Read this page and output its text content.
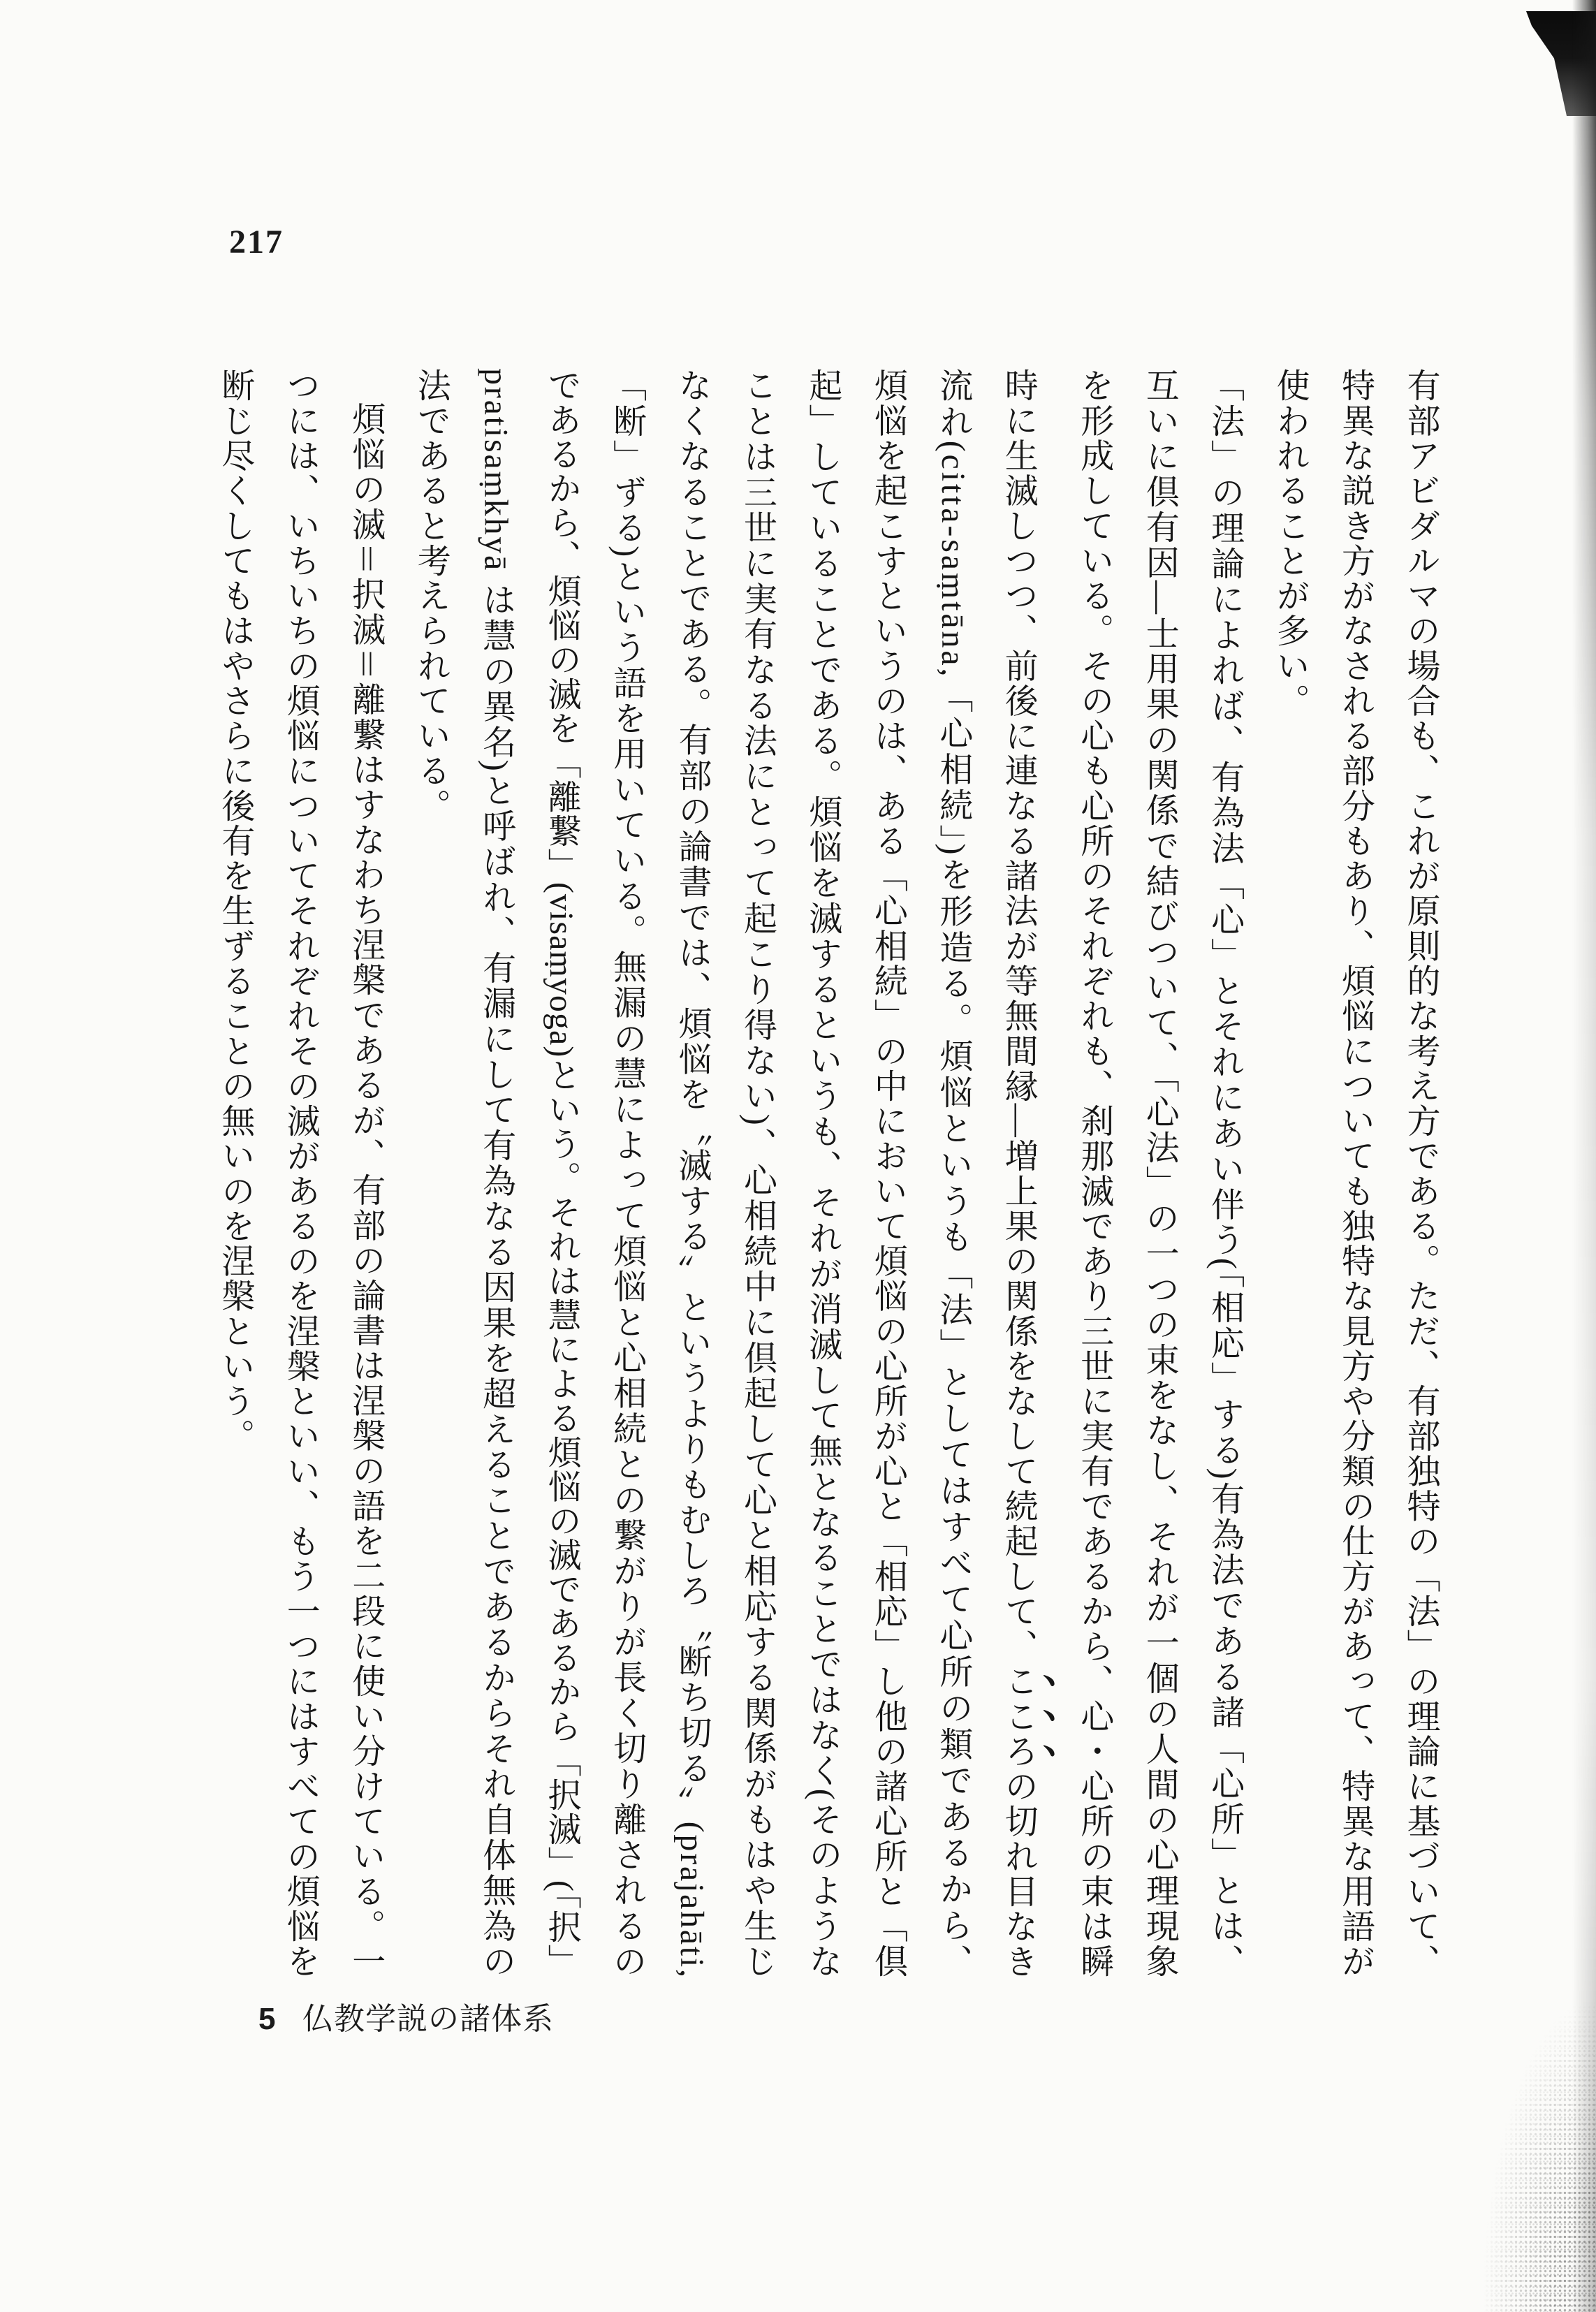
217
有部アビダルマの場合も、これが原則的な考え方である。ただ、有部独特の「法」の理論に基づいて、
特異な説き方がなされる部分もあり、煩悩についても独特な見方や分類の仕方があって、特異な用語が
使われることが多い。
「法」の理論によれば、有為法「心」とそれにあい伴う(「相応」する)有為法である諸「心所」とは、
互いに倶有因―士用果の関係で結びついて、「心法」の一つの束をなし、それが一個の人間の心理現象
を形成している。その心も心所のそれぞれも、刹那滅であり三世に実有であるから、心・心所の束は瞬
時に生滅しつつ、前後に連なる諸法が等無間縁―増上果の関係をなして続起して、こころの切れ目なき
流れ(citta-saṃtāna,「心相続」)を形造る。煩悩というも「法」としてはすべて心所の類であるから、
煩悩を起こすというのは、ある「心相続」の中において煩悩の心所が心と「相応」し他の諸心所と「倶
起」していることである。煩悩を滅するというも、それが消滅して無となることではなく(そのような
ことは三世に実有なる法にとって起こり得ない)、心相続中に倶起して心と相応する関係がもはや生じ
なくなることである。有部の論書では、煩悩を〝滅する〟というよりもむしろ〝断ち切る〟(prajahāti,
「断」ずる)という語を用いている。無漏の慧によって煩悩と心相続との繋がりが長く切り離されるの
であるから、煩悩の滅を「離繋」(visaṃyoga)という。それは慧による煩悩の滅であるから「択滅」(「択」
pratisaṃkhyā は慧の異名)と呼ばれ、有漏にして有為なる因果を超えることであるからそれ自体無為の
法であると考えられている。
煩悩の滅＝択滅＝離繋はすなわち涅槃であるが、有部の論書は涅槃の語を二段に使い分けている。一
つには、いちいちの煩悩についてそれぞれその滅があるのを涅槃といい、もう一つにはすべての煩悩を
断じ尽くしてもはやさらに後有を生ずることの無いのを涅槃という。
5 仏教学説の諸体系
